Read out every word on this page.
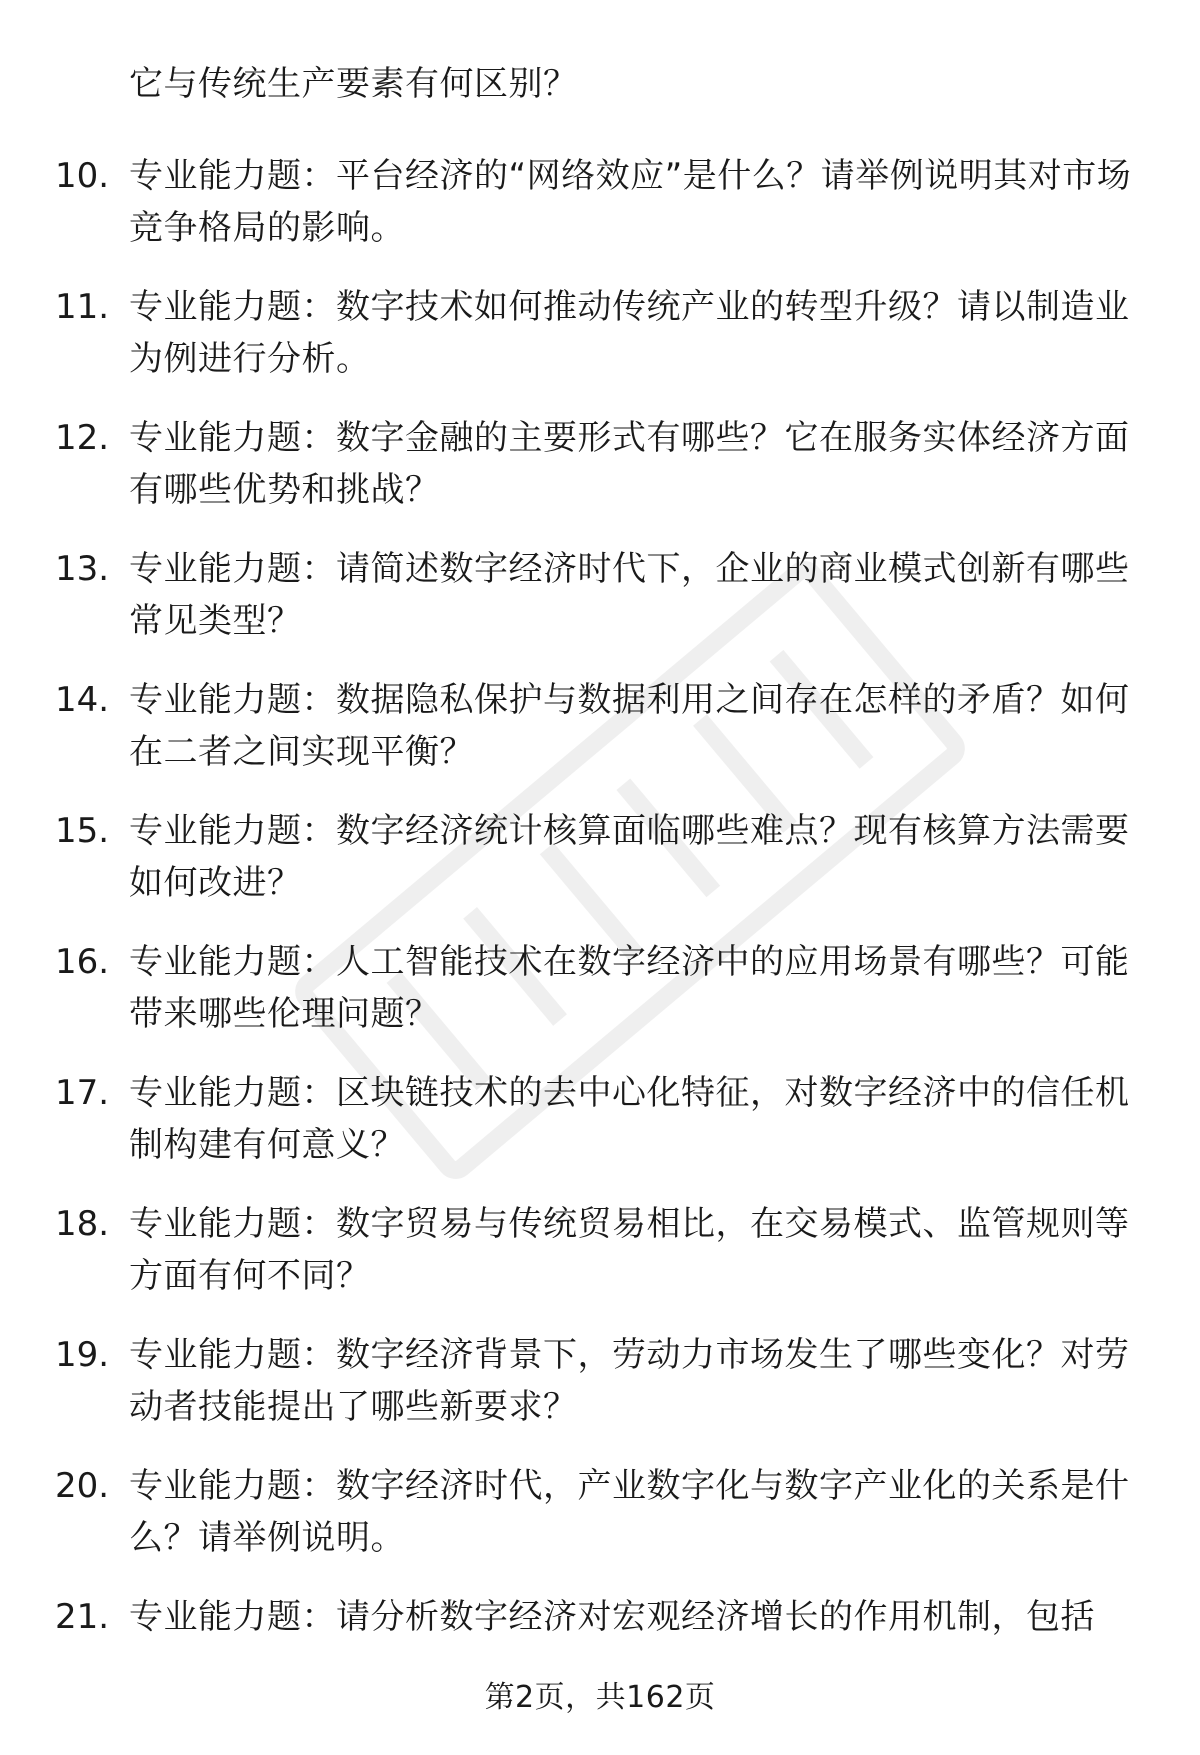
它与传统生产要素有何区别？
10. 专业能力题：平台经济的“网络效应”是什么？请举例说明其对市场竞争格局的影响。
11. 专业能力题：数字技术如何推动传统产业的转型升级？请以制造业为例进行分析。
12. 专业能力题：数字金融的主要形式有哪些？它在服务实体经济方面有哪些优势和挑战？
13. 专业能力题：请简述数字经济时代下，企业的商业模式创新有哪些常见类型？
14. 专业能力题：数据隐私保护与数据利用之间存在怎样的矛盾？如何在二者之间实现平衡？
15. 专业能力题：数字经济统计核算面临哪些难点？现有核算方法需要如何改进？
16. 专业能力题：人工智能技术在数字经济中的应用场景有哪些？可能带来哪些伦理问题？
17. 专业能力题：区块链技术的去中心化特征，对数字经济中的信任机制构建有何意义？
18. 专业能力题：数字贸易与传统贸易相比，在交易模式、监管规则等方面有何不同？
19. 专业能力题：数字经济背景下，劳动力市场发生了哪些变化？对劳动者技能提出了哪些新要求？
20. 专业能力题：数字经济时代，产业数字化与数字产业化的关系是什么？请举例说明。
21. 专业能力题：请分析数字经济对宏观经济增长的作用机制，包括
第2页，共162页
